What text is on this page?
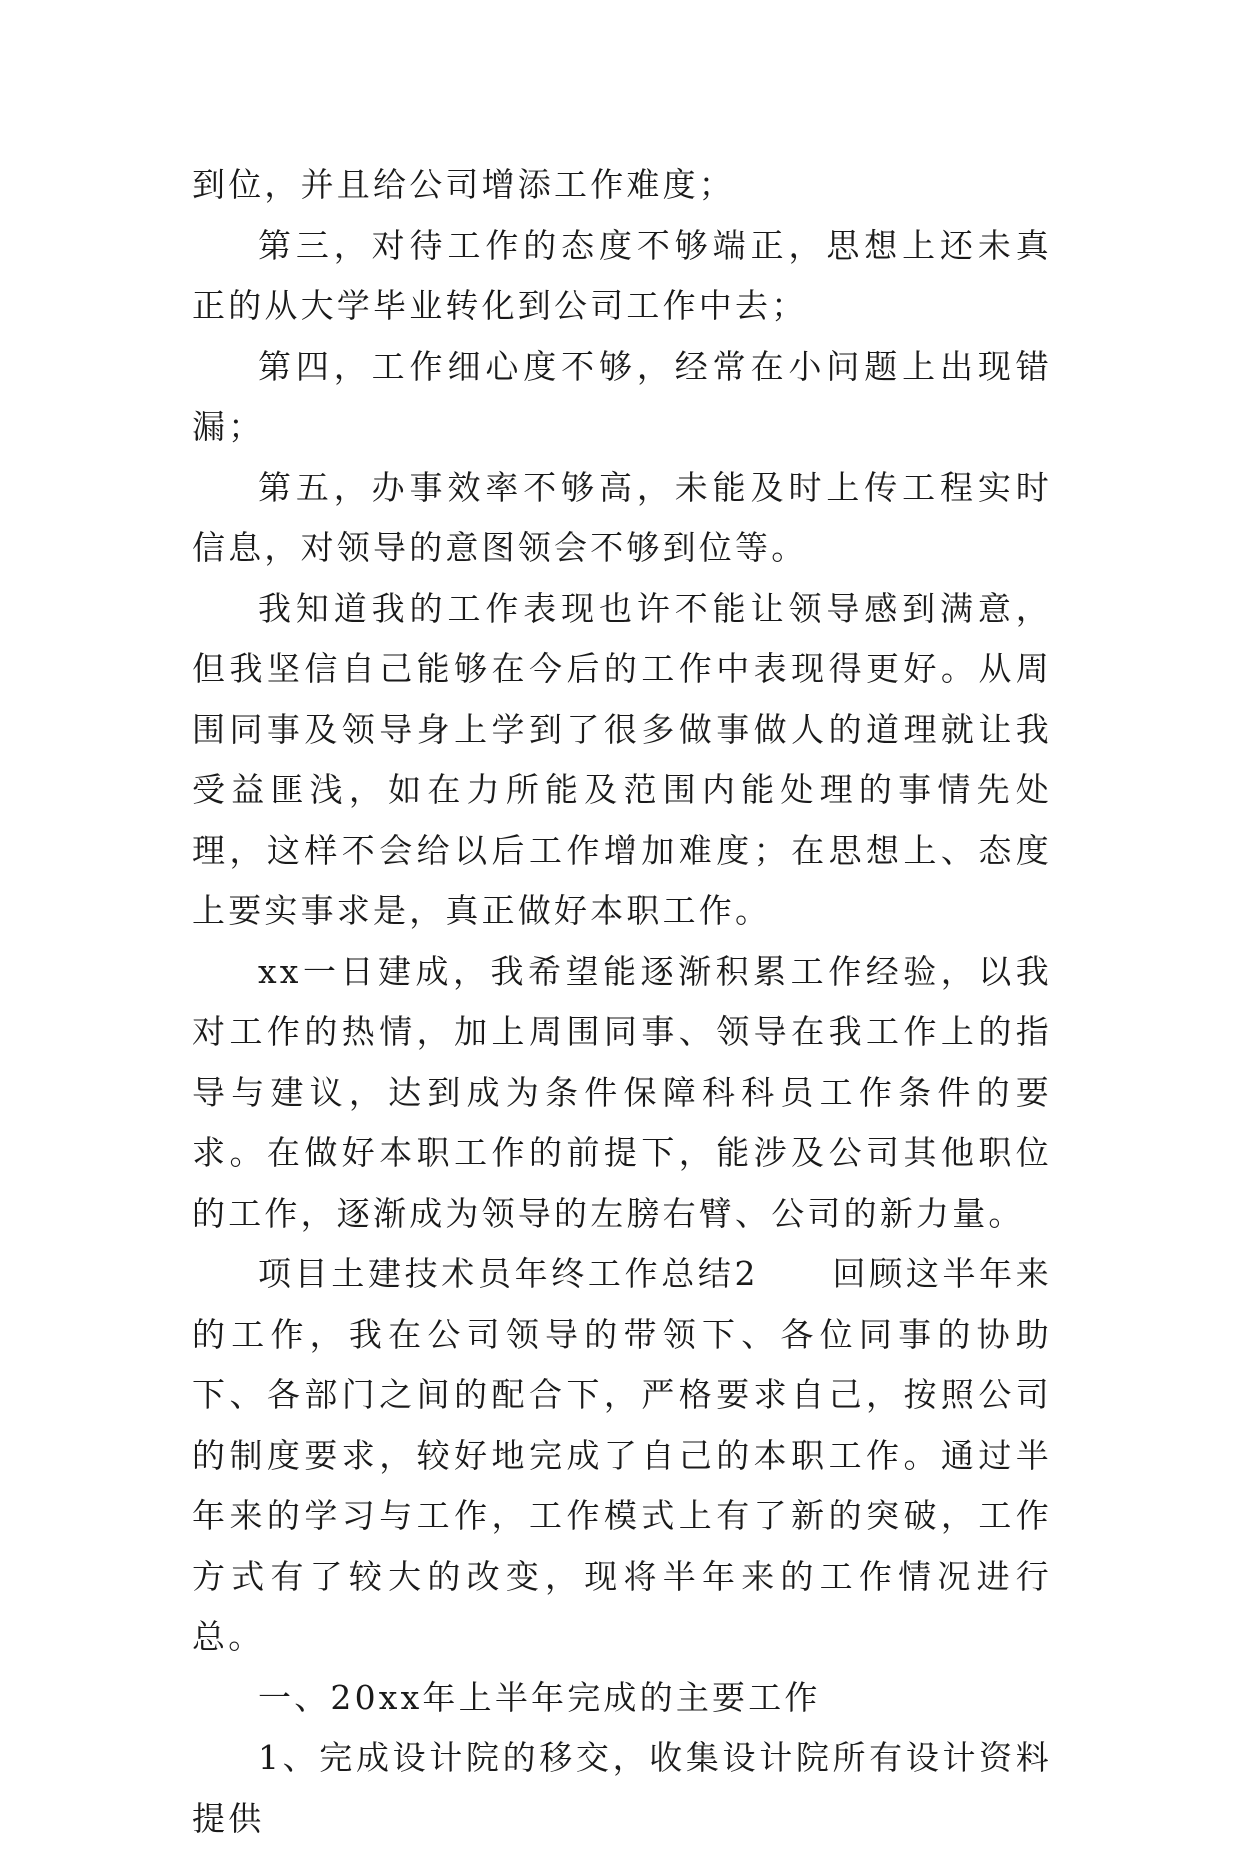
到位，并且给公司增添工作难度；

第三，对待工作的态度不够端正，思想上还未真正的从大学毕业转化到公司工作中去；

第四，工作细心度不够，经常在小问题上出现错漏；

第五，办事效率不够高，未能及时上传工程实时信息，对领导的意图领会不够到位等。

我知道我的工作表现也许不能让领导感到满意，但我坚信自己能够在今后的工作中表现得更好。从周围同事及领导身上学到了很多做事做人的道理就让我受益匪浅，如在力所能及范围内能处理的事情先处理，这样不会给以后工作增加难度；在思想上、态度上要实事求是，真正做好本职工作。

xx一日建成，我希望能逐渐积累工作经验，以我对工作的热情，加上周围同事、领导在我工作上的指导与建议，达到成为条件保障科科员工作条件的要求。在做好本职工作的前提下，能涉及公司其他职位的工作，逐渐成为领导的左膀右臂、公司的新力量。

项目土建技术员年终工作总结2　　回顾这半年来的工作，我在公司领导的带领下、各位同事的协助下、各部门之间的配合下，严格要求自己，按照公司的制度要求，较好地完成了自己的本职工作。通过半年来的学习与工作，工作模式上有了新的突破，工作方式有了较大的改变，现将半年来的工作情况进行总。

一、20xx年上半年完成的主要工作

1、完成设计院的移交，收集设计院所有设计资料提供
